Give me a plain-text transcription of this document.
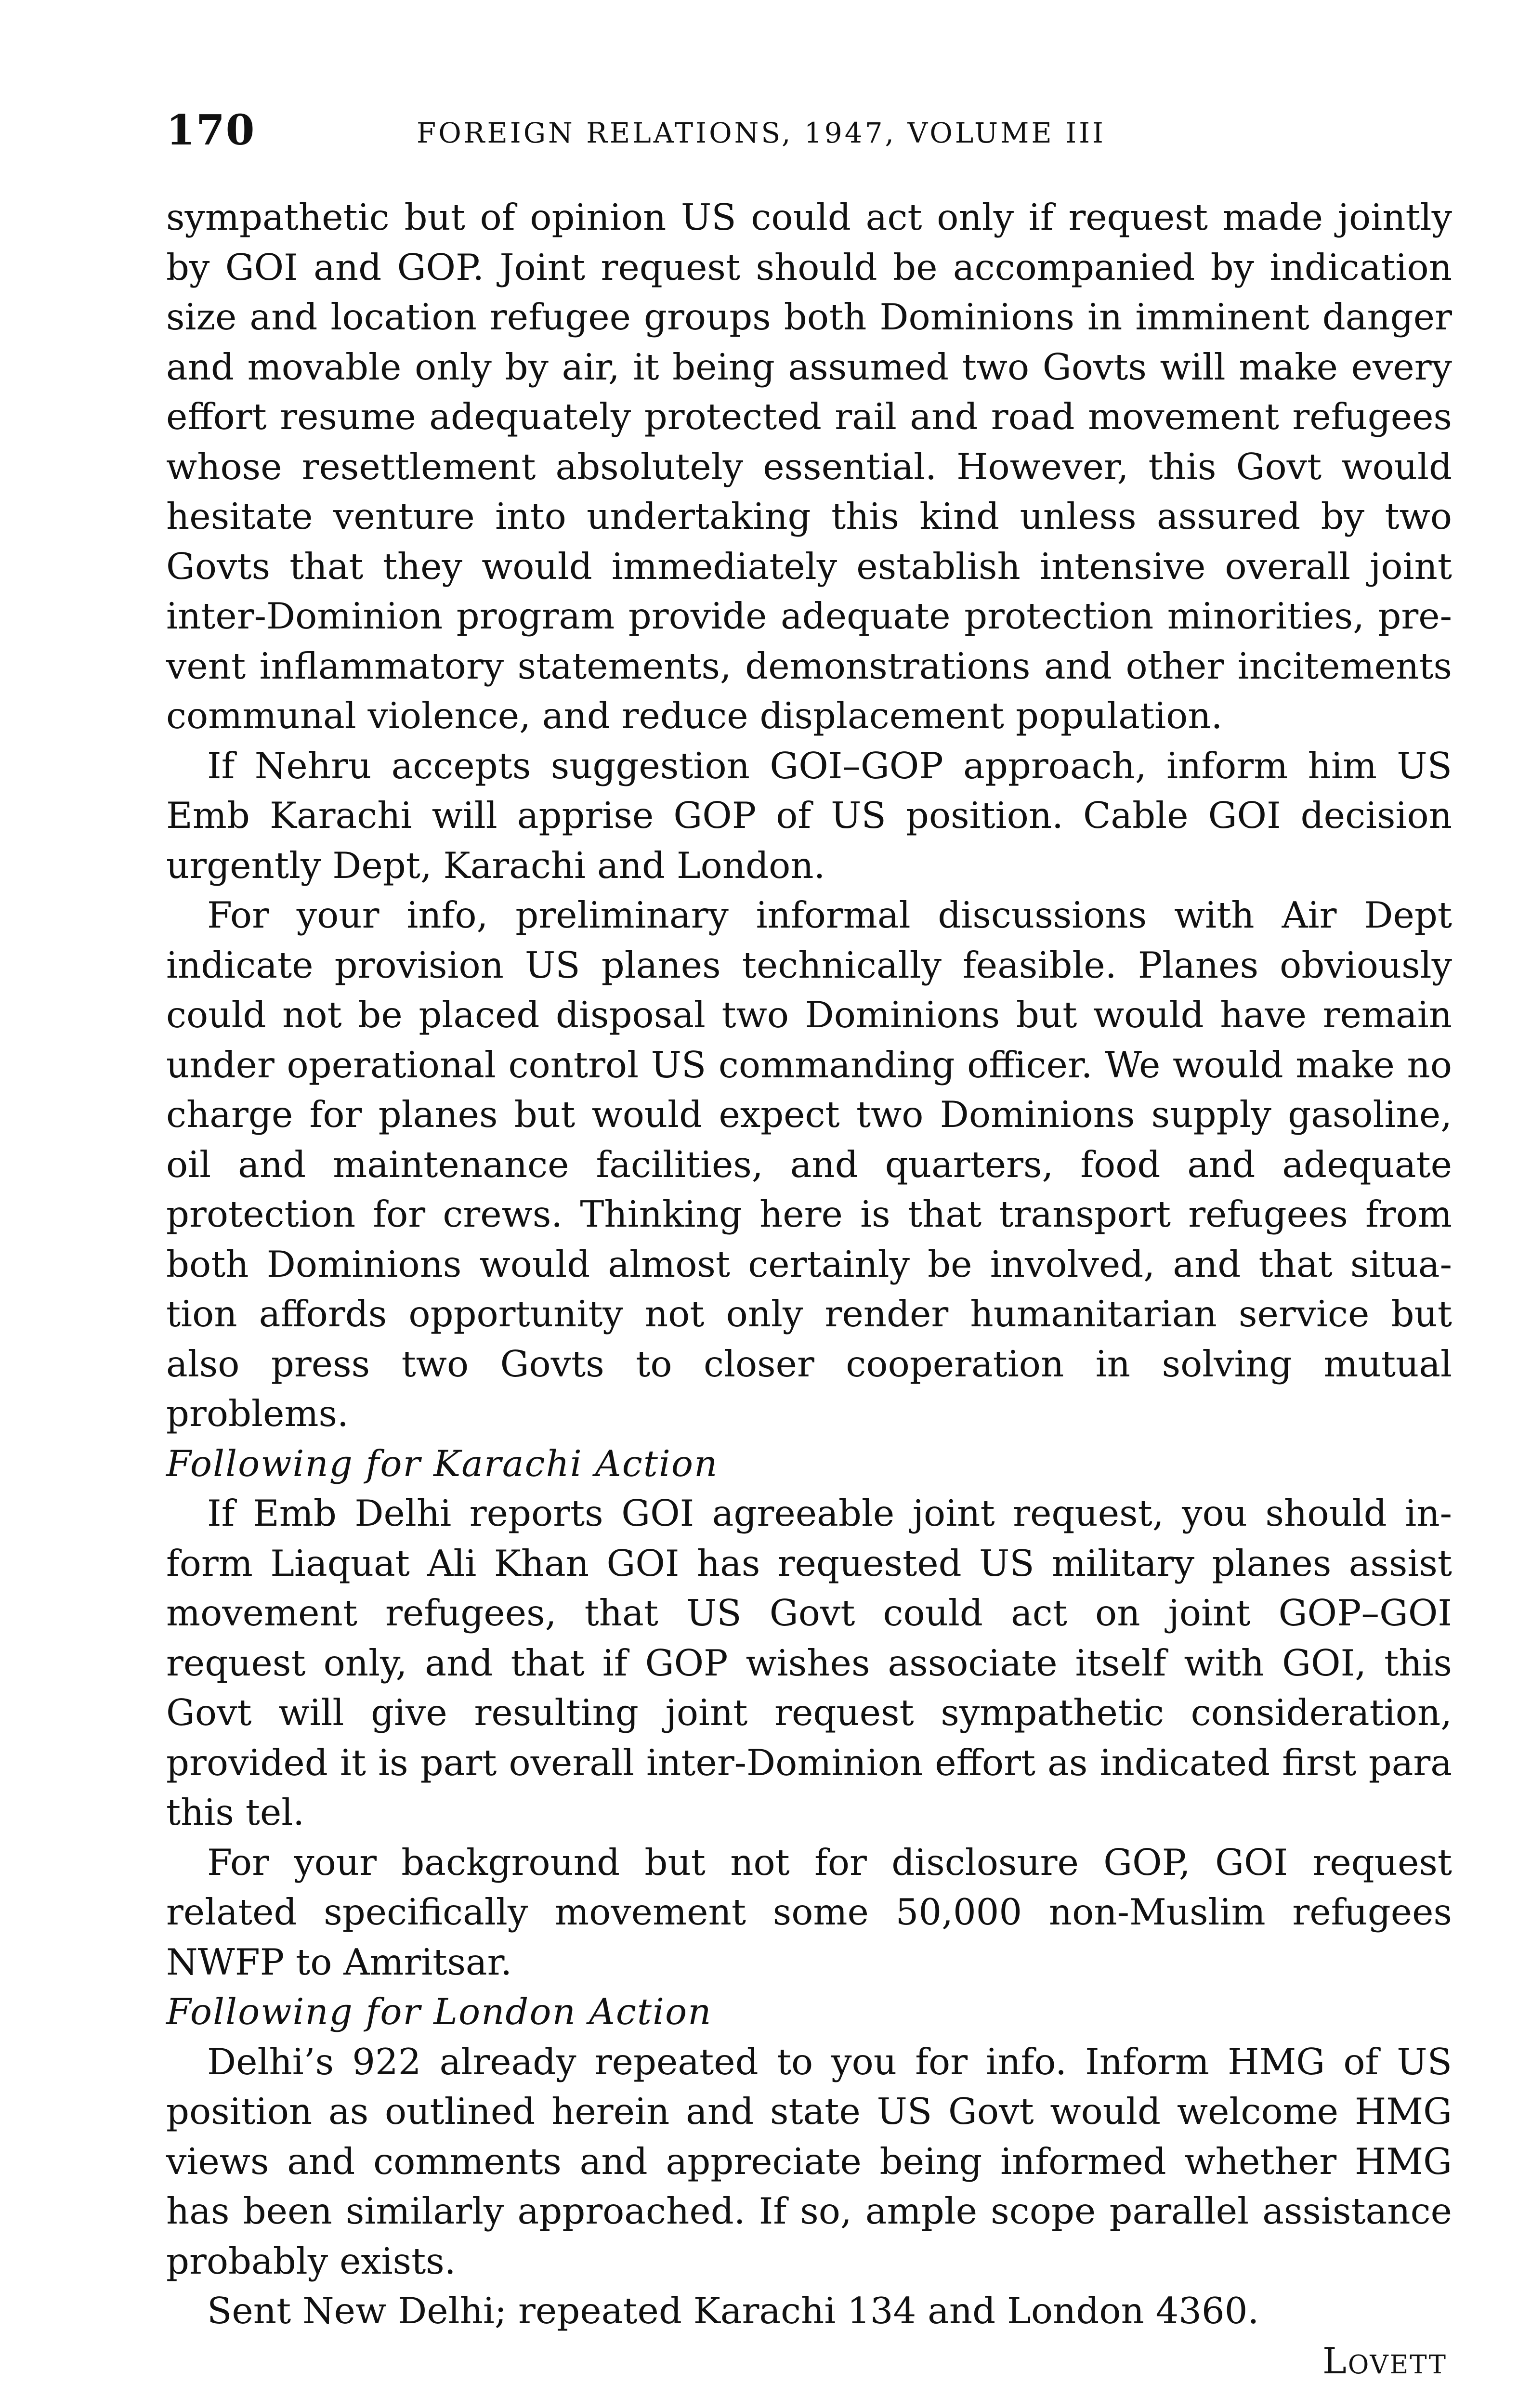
170	FOREIGN RELATIONS, 1947, VOLUME III

sympathetic but of opinion US could act only if request made jointly by GOI and GOP. Joint request should be accompanied by indication size and location refugee groups both Dominions in imminent danger and movable only by air, it being assumed two Govts will make every effort resume adequately protected rail and road movement refugees whose resettlement absolutely essential. However, this Govt would hesitate venture into undertaking this kind unless assured by two Govts that they would immediately establish intensive overall joint inter-Dominion program provide adequate protection minorities, prevent inflammatory statements, demonstrations and other incitements communal violence, and reduce displacement population.

If Nehru accepts suggestion GOI–GOP approach, inform him US Emb Karachi will apprise GOP of US position. Cable GOI decision urgently Dept, Karachi and London.

For your info, preliminary informal discussions with Air Dept indicate provision US planes technically feasible. Planes obviously could not be placed disposal two Dominions but would have remain under operational control US commanding officer. We would make no charge for planes but would expect two Dominions supply gasoline, oil and maintenance facilities, and quarters, food and adequate protection for crews. Thinking here is that transport refugees from both Dominions would almost certainly be involved, and that situation affords opportunity not only render humanitarian service but also press two Govts to closer cooperation in solving mutual problems.

Following for Karachi Action

If Emb Delhi reports GOI agreeable joint request, you should inform Liaquat Ali Khan GOI has requested US military planes assist movement refugees, that US Govt could act on joint GOP–GOI request only, and that if GOP wishes associate itself with GOI, this Govt will give resulting joint request sympathetic consideration, provided it is part overall inter-Dominion effort as indicated first para this tel.

For your background but not for disclosure GOP, GOI request related specifically movement some 50,000 non-Muslim refugees NWFP to Amritsar.

Following for London Action

Delhi’s 922 already repeated to you for info. Inform HMG of US position as outlined herein and state US Govt would welcome HMG views and comments and appreciate being informed whether HMG has been similarly approached. If so, ample scope parallel assistance probably exists.

Sent New Delhi; repeated Karachi 134 and London 4360.

Lovett
